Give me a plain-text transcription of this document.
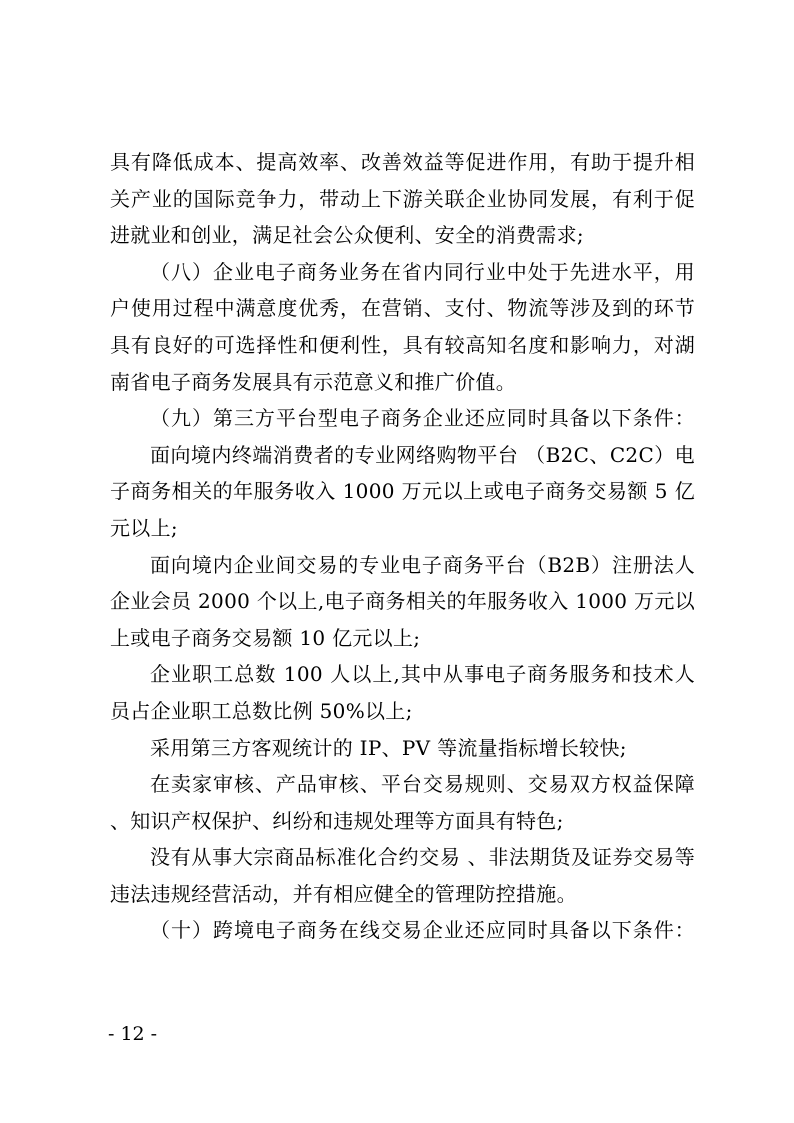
具有降低成本、提高效率、改善效益等促进作用，有助于提升相
关产业的国际竞争力，带动上下游关联企业协同发展，有利于促
进就业和创业，满足社会公众便利、安全的消费需求;
（八）企业电子商务业务在省内同行业中处于先进水平，用
户使用过程中满意度优秀，在营销、支付、物流等涉及到的环节
具有良好的可选择性和便利性，具有较高知名度和影响力，对湖
南省电子商务发展具有示范意义和推广价值。
（九）第三方平台型电子商务企业还应同时具备以下条件：
面向境内终端消费者的专业网络购物平台 （B2C、C2C）电
子商务相关的年服务收入 1000 万元以上或电子商务交易额 5 亿
元以上;
面向境内企业间交易的专业电子商务平台（B2B）注册法人
企业会员 2000 个以上,电子商务相关的年服务收入 1000 万元以
上或电子商务交易额 10 亿元以上;
企业职工总数 100 人以上,其中从事电子商务服务和技术人
员占企业职工总数比例 50%以上;
采用第三方客观统计的 IP、PV 等流量指标增长较快;
在卖家审核、产品审核、平台交易规则、交易双方权益保障
、知识产权保护、纠纷和违规处理等方面具有特色;
没有从事大宗商品标准化合约交易 、非法期货及证券交易等
违法违规经营活动，并有相应健全的管理防控措施。
（十）跨境电子商务在线交易企业还应同时具备以下条件：
- 12 -
